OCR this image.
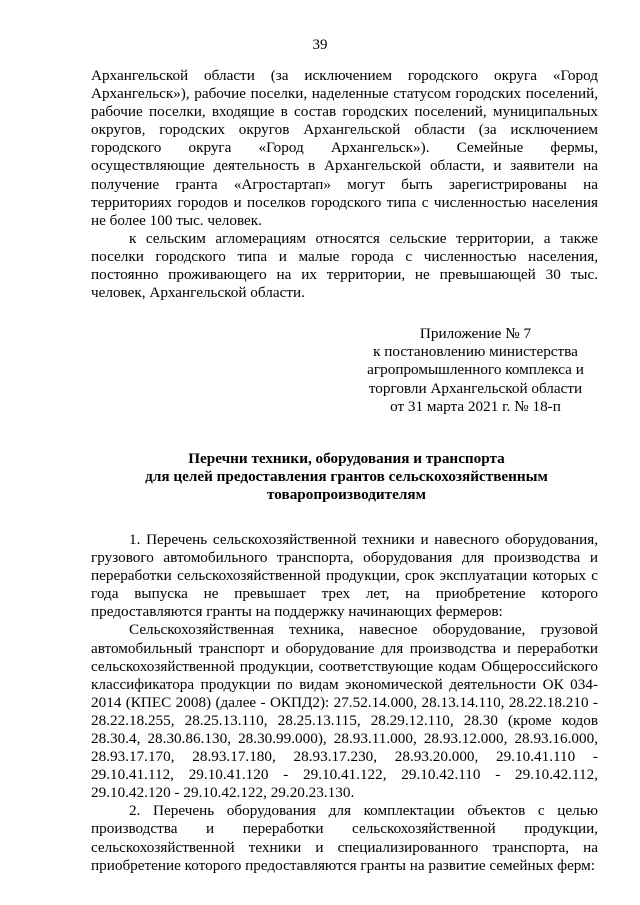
39

Архангельской области (за исключением городского округа «Город Архангельск»), рабочие поселки, наделенные статусом городских поселений, рабочие поселки, входящие в состав городских поселений, муниципальных округов, городских округов Архангельской области (за исключением городского округа «Город Архангельск»). Семейные фермы, осуществляющие деятельность в Архангельской области, и заявители на получение гранта «Агростартап» могут быть зарегистрированы на территориях городов и поселков городского типа с численностью населения не более 100 тыс. человек.

к сельским агломерациям относятся сельские территории, а также поселки городского типа и малые города с численностью населения, постоянно проживающего на их территории, не превышающей 30 тыс. человек, Архангельской области.

Приложение № 7
к постановлению министерства
агропромышленного комплекса и
торговли Архангельской области
от 31 марта 2021 г. № 18-п
Перечни техники, оборудования и транспорта
для целей предоставления грантов сельскохозяйственным
товаропроизводителям

1. Перечень сельскохозяйственной техники и навесного оборудования, грузового автомобильного транспорта, оборудования для производства и переработки сельскохозяйственной продукции, срок эксплуатации которых с года выпуска не превышает трех лет, на приобретение которого предоставляются гранты на поддержку начинающих фермеров:

Сельскохозяйственная техника, навесное оборудование, грузовой автомобильный транспорт и оборудование для производства и переработки сельскохозяйственной продукции, соответствующие кодам Общероссийского классификатора продукции по видам экономической деятельности ОК 034-2014 (КПЕС 2008) (далее - ОКПД2): 27.52.14.000, 28.13.14.110, 28.22.18.210 - 28.22.18.255, 28.25.13.110, 28.25.13.115, 28.29.12.110, 28.30 (кроме кодов 28.30.4, 28.30.86.130, 28.30.99.000), 28.93.11.000, 28.93.12.000, 28.93.16.000, 28.93.17.170, 28.93.17.180, 28.93.17.230, 28.93.20.000, 29.10.41.110 - 29.10.41.112, 29.10.41.120 - 29.10.41.122, 29.10.42.110 - 29.10.42.112, 29.10.42.120 - 29.10.42.122, 29.20.23.130.

2. Перечень оборудования для комплектации объектов с целью производства и переработки сельскохозяйственной продукции, сельскохозяйственной техники и специализированного транспорта, на приобретение которого предоставляются гранты на развитие семейных ферм:
